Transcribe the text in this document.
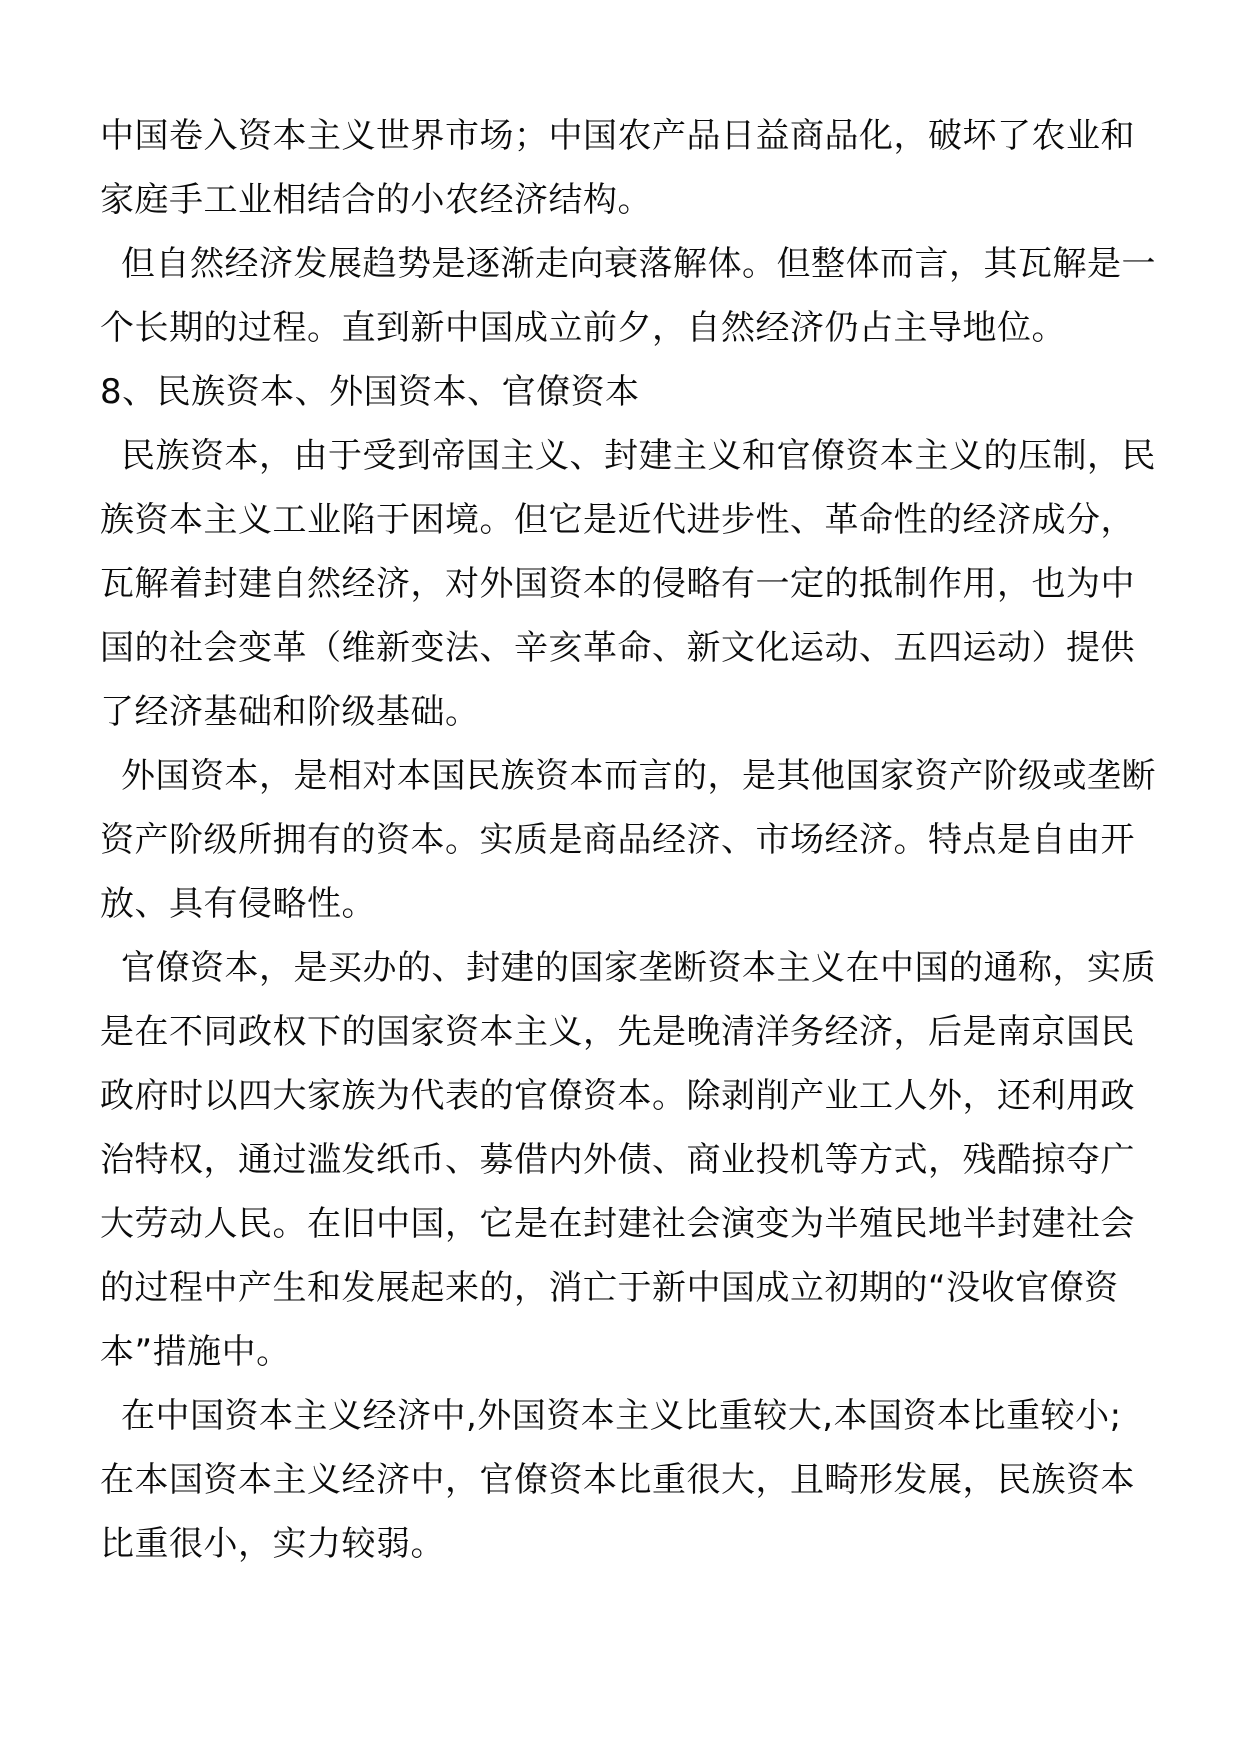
中国卷入资本主义世界市场；中国农产品日益商品化，破坏了农业和
家庭手工业相结合的小农经济结构。
但自然经济发展趋势是逐渐走向衰落解体。但整体而言，其瓦解是一
个长期的过程。直到新中国成立前夕，自然经济仍占主导地位。
8、民族资本、外国资本、官僚资本
民族资本，由于受到帝国主义、封建主义和官僚资本主义的压制，民
族资本主义工业陷于困境。但它是近代进步性、革命性的经济成分，
瓦解着封建自然经济，对外国资本的侵略有一定的抵制作用，也为中
国的社会变革（维新变法、辛亥革命、新文化运动、五四运动）提供
了经济基础和阶级基础。
外国资本，是相对本国民族资本而言的，是其他国家资产阶级或垄断
资产阶级所拥有的资本。实质是商品经济、市场经济。特点是自由开
放、具有侵略性。
官僚资本，是买办的、封建的国家垄断资本主义在中国的通称，实质
是在不同政权下的国家资本主义，先是晚清洋务经济，后是南京国民
政府时以四大家族为代表的官僚资本。除剥削产业工人外，还利用政
治特权，通过滥发纸币、募借内外债、商业投机等方式，残酷掠夺广
大劳动人民。在旧中国，它是在封建社会演变为半殖民地半封建社会
的过程中产生和发展起来的，消亡于新中国成立初期的“没收官僚资
本”措施中。
在中国资本主义经济中,外国资本主义比重较大,本国资本比重较小;
在本国资本主义经济中，官僚资本比重很大，且畸形发展，民族资本
比重很小，实力较弱。
